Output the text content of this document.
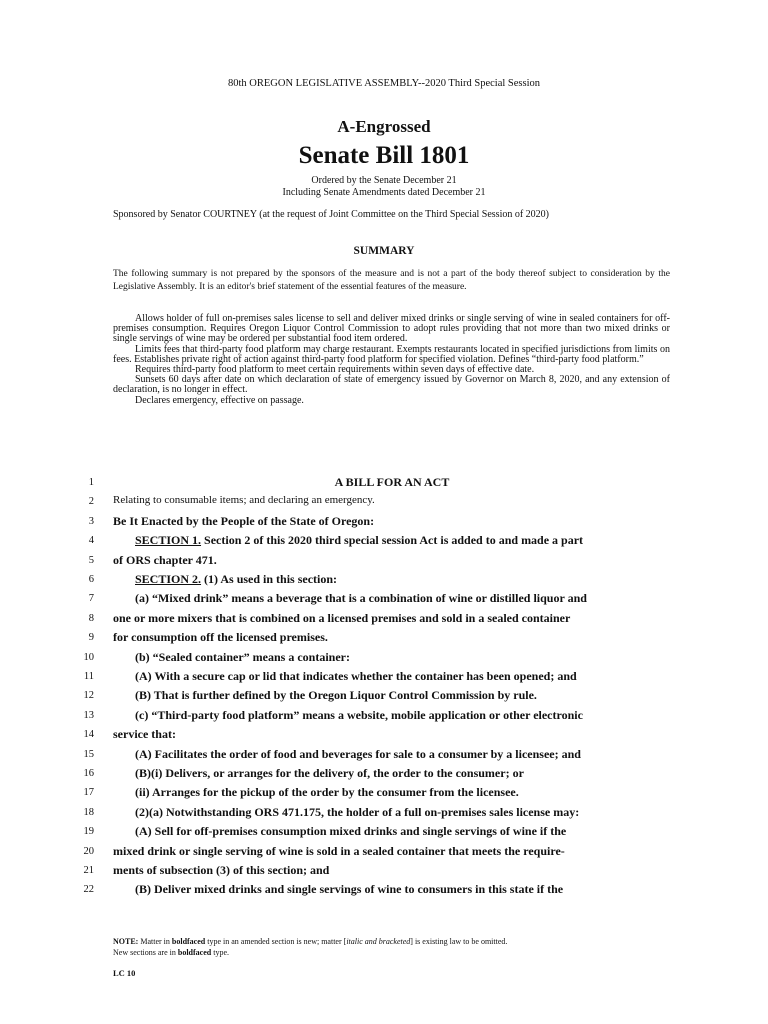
80th OREGON LEGISLATIVE ASSEMBLY--2020 Third Special Session
A-Engrossed
Senate Bill 1801
Ordered by the Senate December 21
Including Senate Amendments dated December 21
Sponsored by Senator COURTNEY (at the request of Joint Committee on the Third Special Session of 2020)
SUMMARY
The following summary is not prepared by the sponsors of the measure and is not a part of the body thereof subject to consideration by the Legislative Assembly. It is an editor's brief statement of the essential features of the measure.

Allows holder of full on-premises sales license to sell and deliver mixed drinks or single serving of wine in sealed containers for off-premises consumption. Requires Oregon Liquor Control Commission to adopt rules providing that not more than two mixed drinks or single servings of wine may be ordered per substantial food item ordered.

Limits fees that third-party food platform may charge restaurant. Exempts restaurants located in specified jurisdictions from limits on fees. Establishes private right of action against third-party food platform for specified violation. Defines “third-party food platform.”

Requires third-party food platform to meet certain requirements within seven days of effective date.

Sunsets 60 days after date on which declaration of state of emergency issued by Governor on March 8, 2020, and any extension of declaration, is no longer in effect.

Declares emergency, effective on passage.

1	A BILL FOR AN ACT
2 Relating to consumable items; and declaring an emergency.
3 Be It Enacted by the People of the State of Oregon:
4	SECTION 1. Section 2 of this 2020 third special session Act is added to and made a part
5 of ORS chapter 471.
6	SECTION 2. (1) As used in this section:
7	(a) “Mixed drink” means a beverage that is a combination of wine or distilled liquor and
8 one or more mixers that is combined on a licensed premises and sold in a sealed container
9 for consumption off the licensed premises.
10	(b) “Sealed container” means a container:
11	(A) With a secure cap or lid that indicates whether the container has been opened; and
12	(B) That is further defined by the Oregon Liquor Control Commission by rule.
13	(c) “Third-party food platform” means a website, mobile application or other electronic
14 service that:
15	(A) Facilitates the order of food and beverages for sale to a consumer by a licensee; and
16	(B)(i) Delivers, or arranges for the delivery of, the order to the consumer; or
17	(ii) Arranges for the pickup of the order by the consumer from the licensee.
18	(2)(a) Notwithstanding ORS 471.175, the holder of a full on-premises sales license may:
19	(A) Sell for off-premises consumption mixed drinks and single servings of wine if the
20 mixed drink or single serving of wine is sold in a sealed container that meets the require-
21 ments of subsection (3) of this section; and
22	(B) Deliver mixed drinks and single servings of wine to consumers in this state if the
NOTE: Matter in boldfaced type in an amended section is new; matter [italic and bracketed] is existing law to be omitted.
New sections are in boldfaced type.
LC 10
